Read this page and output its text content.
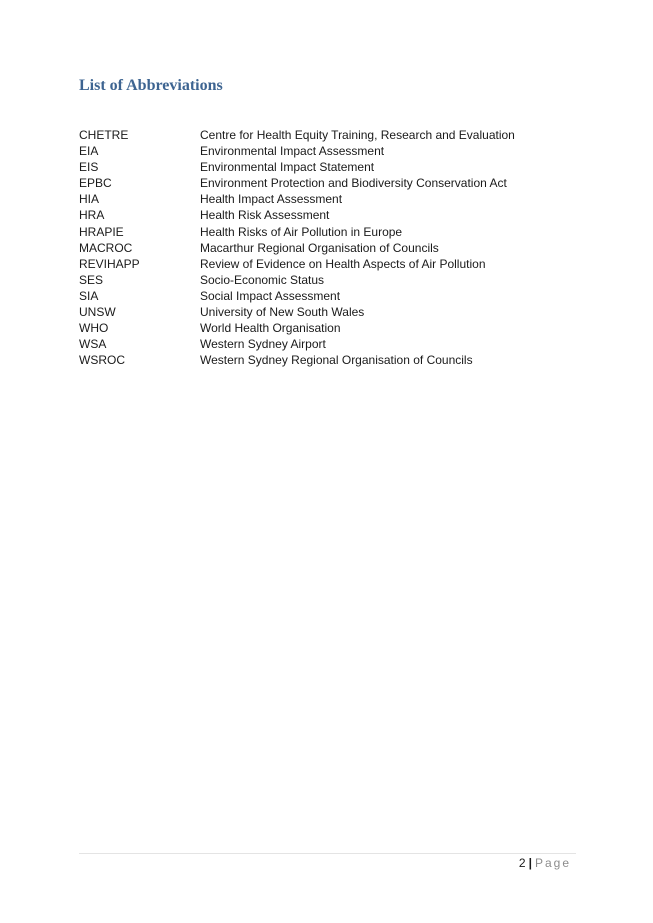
List of Abbreviations
CHETRE	Centre for Health Equity Training, Research and Evaluation
EIA	Environmental Impact Assessment
EIS	Environmental Impact Statement
EPBC	Environment Protection and Biodiversity Conservation Act
HIA	Health Impact Assessment
HRA	Health Risk Assessment
HRAPIE	Health Risks of Air Pollution in Europe
MACROC	Macarthur Regional Organisation of Councils
REVIHAPP	Review of Evidence on Health Aspects of Air Pollution
SES	Socio-Economic Status
SIA	Social Impact Assessment
UNSW	University of New South Wales
WHO	World Health Organisation
WSA	Western Sydney Airport
WSROC	Western Sydney Regional Organisation of Councils
2 | Page
